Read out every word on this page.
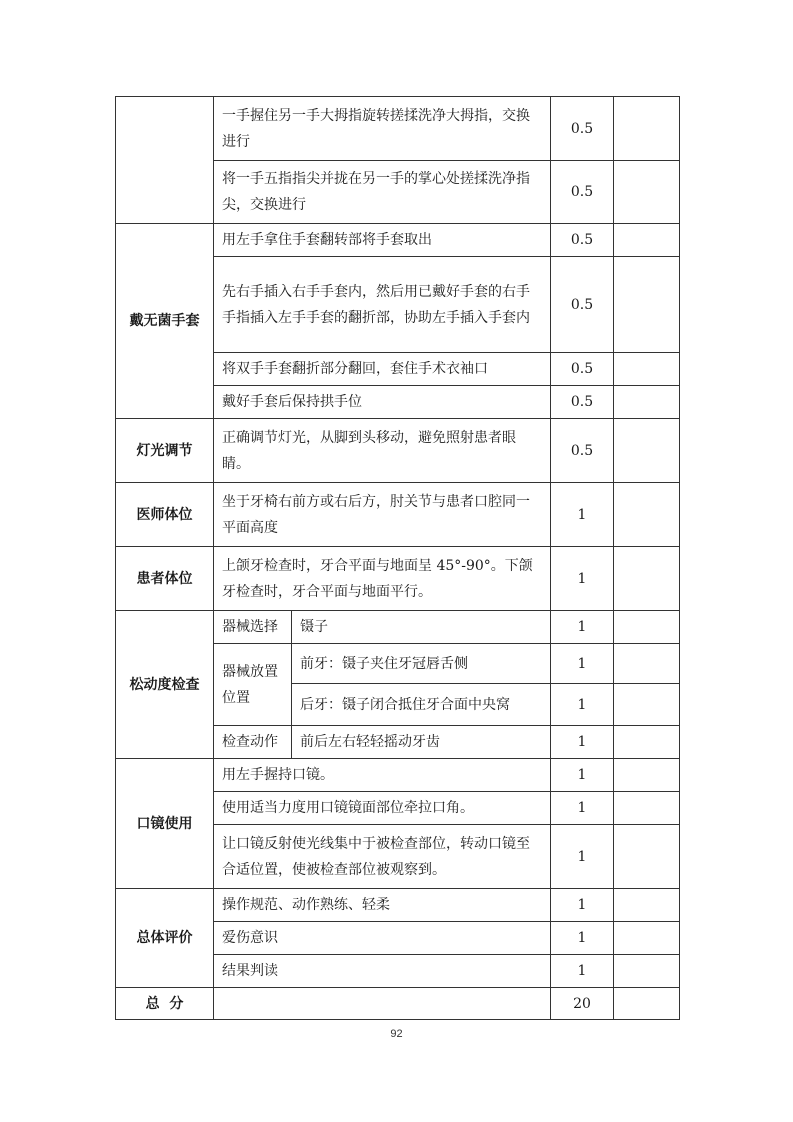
	一手握住另一手大拇指旋转搓揉洗净大拇指，交换进行		0.5	
	将一手五指指尖并拢在另一手的掌心处搓揉洗净指尖，交换进行		0.5	
戴无菌手套	用左手拿住手套翻转部将手套取出		0.5	
	先右手插入右手手套内，然后用已戴好手套的右手手指插入左手手套的翻折部，协助左手插入手套内		0.5	
	将双手手套翻折部分翻回，套住手术衣袖口		0.5	
	戴好手套后保持拱手位		0.5	
灯光调节	正确调节灯光，从脚到头移动，避免照射患者眼睛。		0.5	
医师体位	坐于牙椅右前方或右后方，肘关节与患者口腔同一平面高度		1	
患者体位	上颌牙检查时，牙合平面与地面呈 45°-90°。下颌牙检查时，牙合平面与地面平行。		1	
松动度检查	器械选择	镊子	1	
	器械放置位置	前牙：镊子夹住牙冠唇舌侧	1	
		后牙：镊子闭合抵住牙合面中央窝	1	
	检查动作	前后左右轻轻摇动牙齿	1	
口镜使用	用左手握持口镜。		1	
	使用适当力度用口镜镜面部位牵拉口角。		1	
	让口镜反射使光线集中于被检查部位，转动口镜至合适位置，使被检查部位被观察到。		1	
总体评价	操作规范、动作熟练、轻柔		1	
	爱伤意识		1	
	结果判读		1	
总  分			20	
92
